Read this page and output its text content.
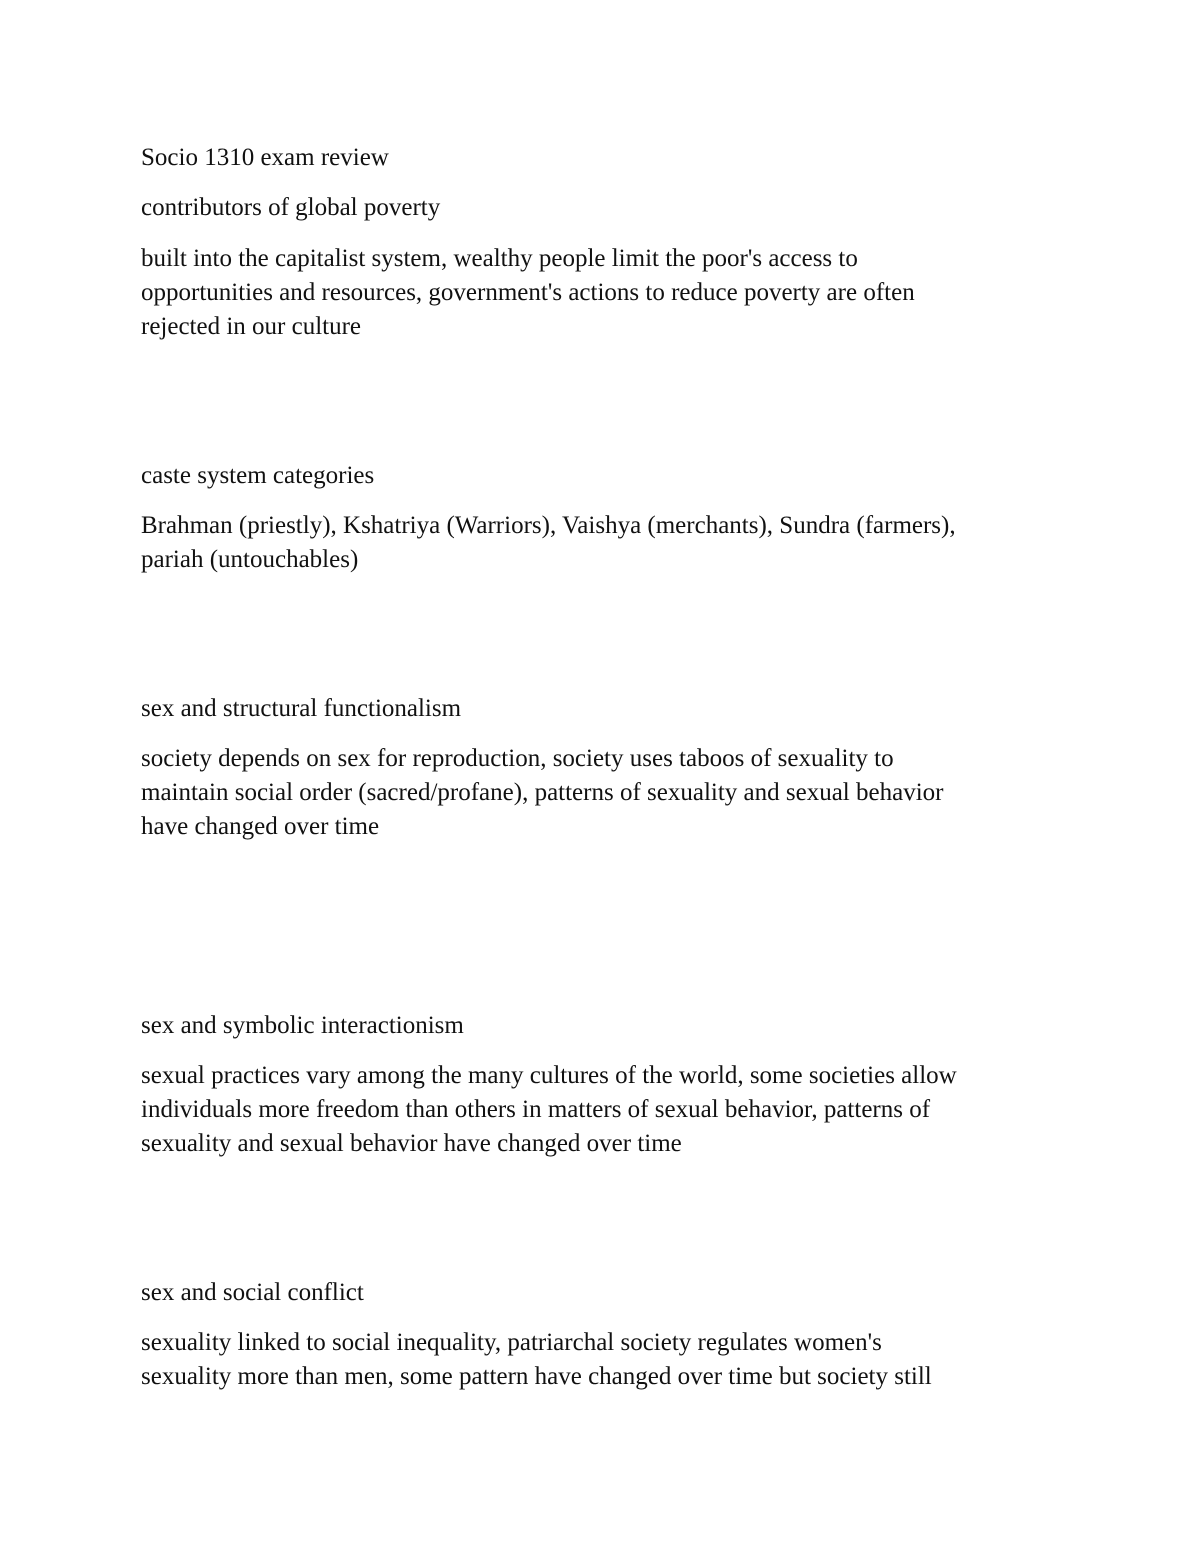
Socio 1310 exam review

contributors of global poverty

built into the capitalist system, wealthy people limit the poor's access to

opportunities and resources, government's actions to reduce poverty are often

rejected in our culture

caste system categories

Brahman (priestly), Kshatriya (Warriors), Vaishya (merchants), Sundra (farmers),

pariah (untouchables)

sex and structural functionalism

society depends on sex for reproduction, society uses taboos of sexuality to

maintain social order (sacred/profane), patterns of sexuality and sexual behavior

have changed over time

sex and symbolic interactionism

sexual practices vary among the many cultures of the world, some societies allow

individuals more freedom than others in matters of sexual behavior, patterns of

sexuality and sexual behavior have changed over time

sex and social conflict

sexuality linked to social inequality, patriarchal society regulates women's

sexuality more than men, some pattern have changed over time but society still
